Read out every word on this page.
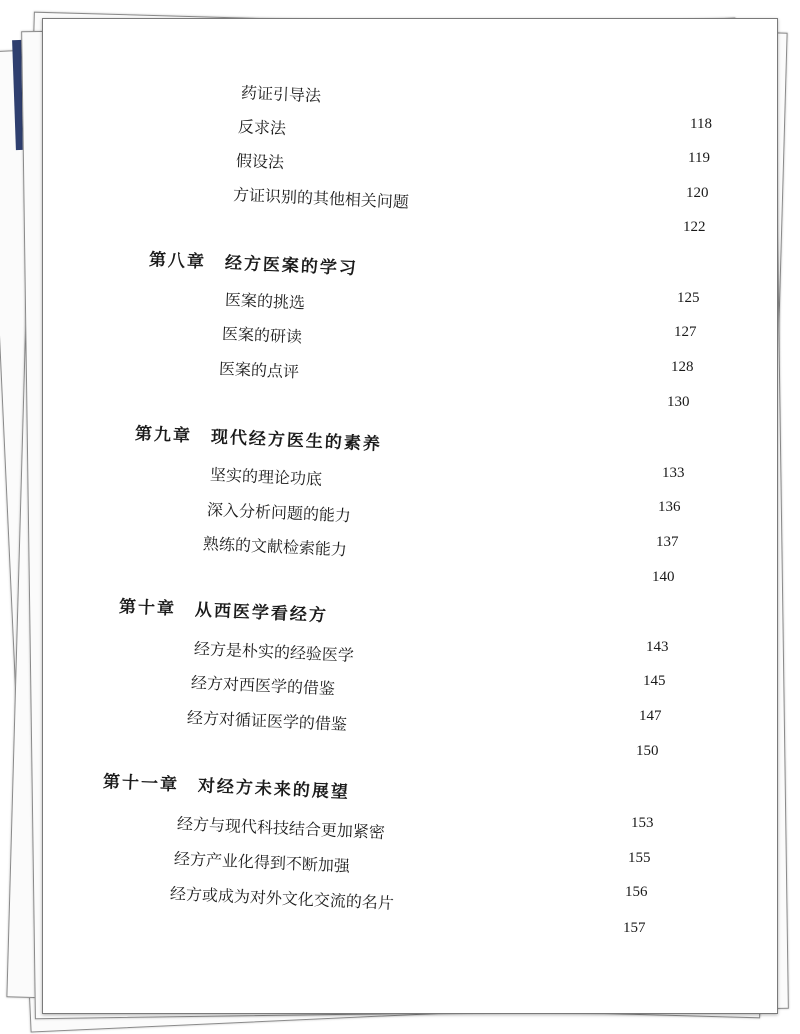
药证引导法
118
反求法
119
假设法
120
方证识别的其他相关问题
122
第八章　经方医案的学习
125
医案的挑选
127
医案的研读
128
医案的点评
130
第九章　现代经方医生的素养
133
坚实的理论功底
136
深入分析问题的能力
137
熟练的文献检索能力
140
第十章　从西医学看经方
143
经方是朴实的经验医学
145
经方对西医学的借鉴
147
经方对循证医学的借鉴
150
第十一章　对经方未来的展望
153
经方与现代科技结合更加紧密
155
经方产业化得到不断加强
156
经方或成为对外文化交流的名片
157
